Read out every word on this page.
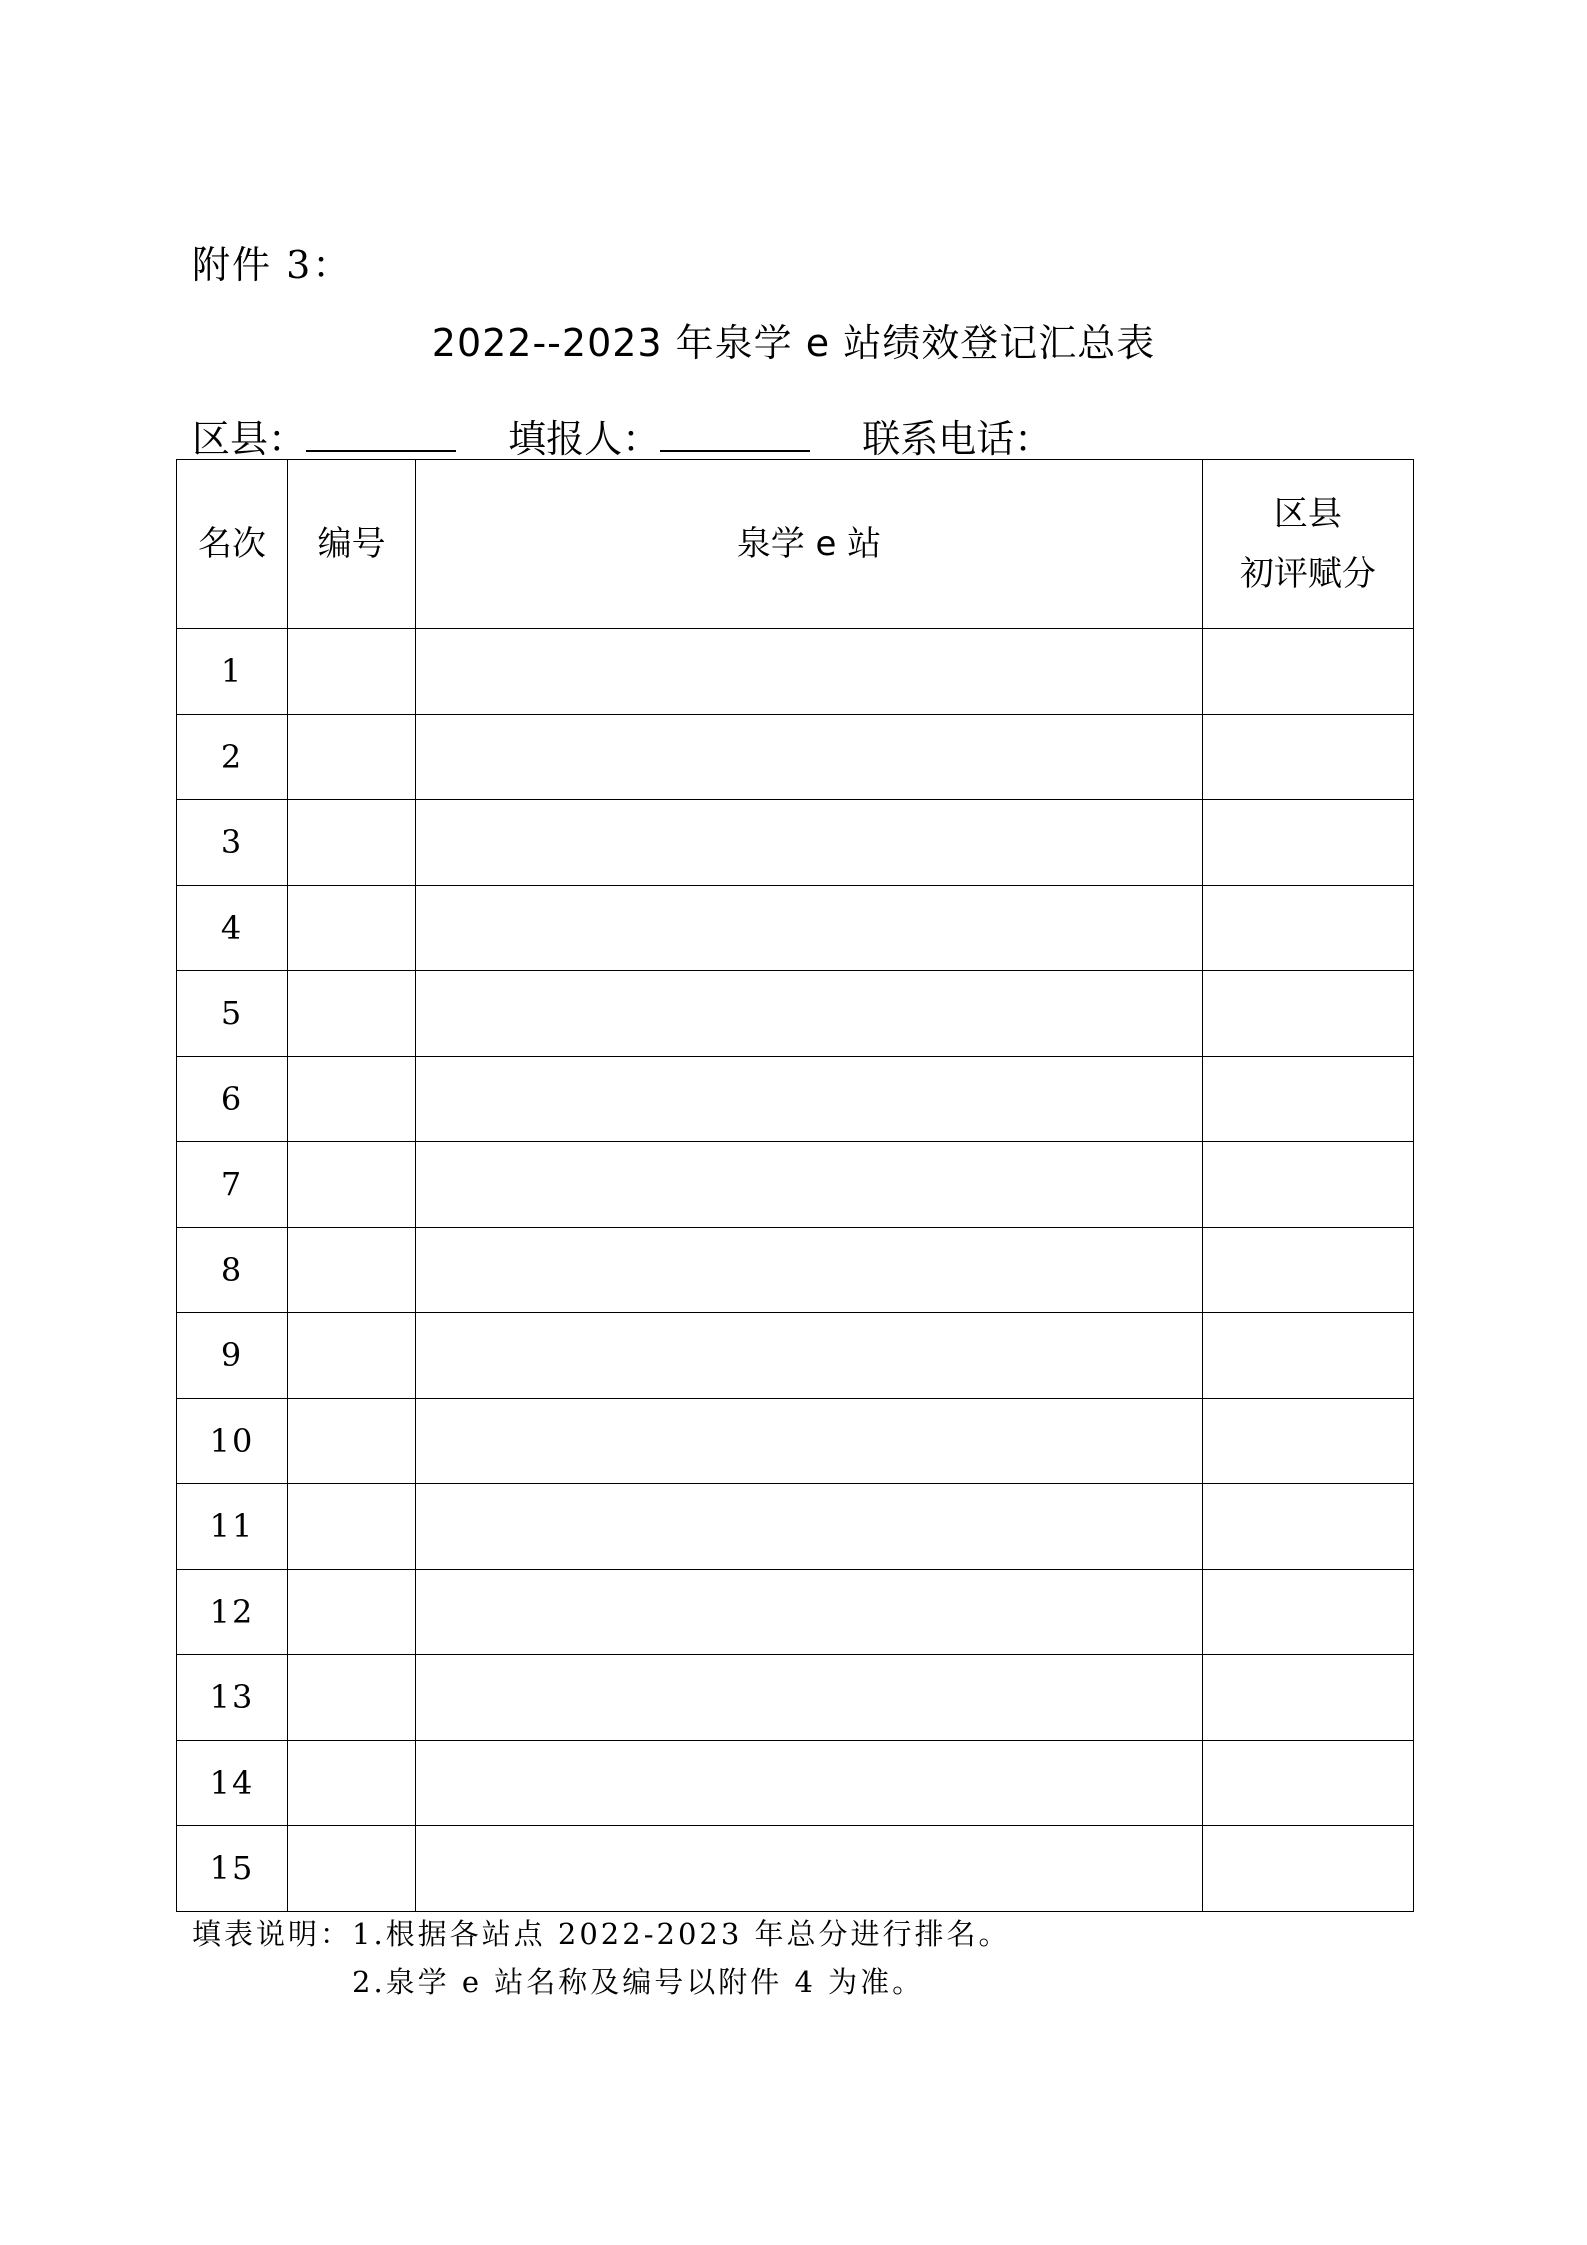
附件 3：
2022--2023 年泉学 e 站绩效登记汇总表
区县：	填报人：	联系电话：
名次	编号	泉学 e 站	区县
初评赋分

1			
2			
3			
4			
5			
6			
7			
8			
9			
10			
11			
12			
13			
14			
15			
填表说明：1.根据各站点 2022-2023 年总分进行排名。
2.泉学 e 站名称及编号以附件 4 为准。
